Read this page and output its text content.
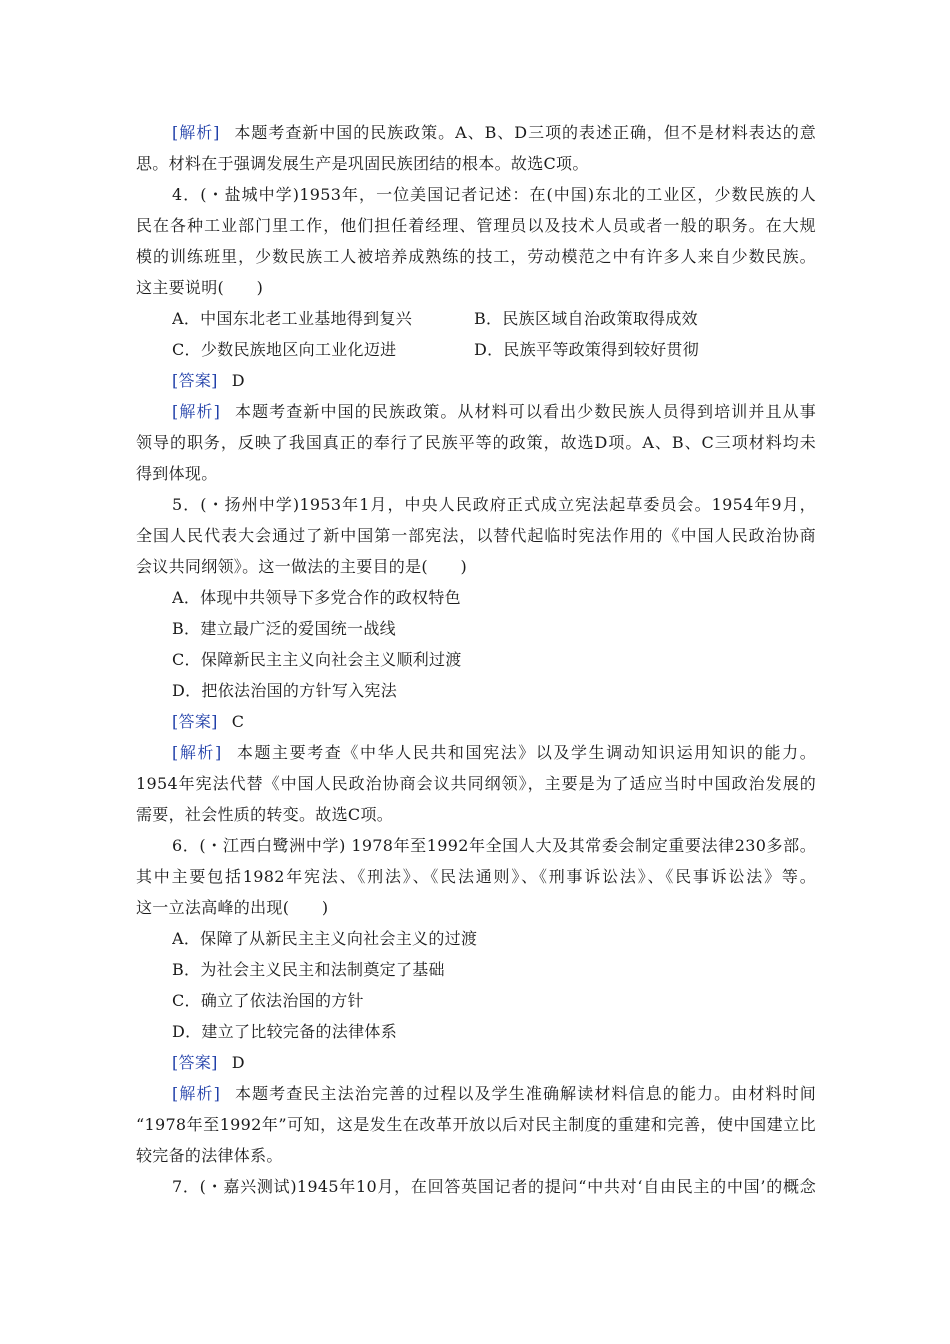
[解析] 本题考查新中国的民族政策。A、B、D三项的表述正确，但不是材料表达的意
思。材料在于强调发展生产是巩固民族团结的根本。故选C项。
4．(・盐城中学)1953年，一位美国记者记述：在(中国)东北的工业区，少数民族的人
民在各种工业部门里工作，他们担任着经理、管理员以及技术人员或者一般的职务。在大规
模的训练班里，少数民族工人被培养成熟练的技工，劳动模范之中有许多人来自少数民族。
这主要说明(　　)
A．中国东北老工业基地得到复兴	B．民族区域自治政策取得成效
C．少数民族地区向工业化迈进	D．民族平等政策得到较好贯彻
[答案] D
[解析] 本题考查新中国的民族政策。从材料可以看出少数民族人员得到培训并且从事
领导的职务，反映了我国真正的奉行了民族平等的政策，故选D项。A、B、C三项材料均未
得到体现。
5．(・扬州中学)1953年1月，中央人民政府正式成立宪法起草委员会。1954年9月，
全国人民代表大会通过了新中国第一部宪法，以替代起临时宪法作用的《中国人民政治协商
会议共同纲领》。这一做法的主要目的是(　　)
A．体现中共领导下多党合作的政权特色
B．建立最广泛的爱国统一战线
C．保障新民主主义向社会主义顺利过渡
D．把依法治国的方针写入宪法
[答案] C
[解析] 本题主要考查《中华人民共和国宪法》以及学生调动知识运用知识的能力。
1954年宪法代替《中国人民政治协商会议共同纲领》，主要是为了适应当时中国政治发展的
需要，社会性质的转变。故选C项。
6．(・江西白鹭洲中学) 1978年至1992年全国人大及其常委会制定重要法律230多部。
其中主要包括1982年宪法、《刑法》、《民法通则》、《刑事诉讼法》、《民事诉讼法》等。
这一立法高峰的出现(　　)
A．保障了从新民主主义向社会主义的过渡
B．为社会主义民主和法制奠定了基础
C．确立了依法治国的方针
D．建立了比较完备的法律体系
[答案] D
[解析] 本题考查民主法治完善的过程以及学生准确解读材料信息的能力。由材料时间
“1978年至1992年”可知，这是发生在改革开放以后对民主制度的重建和完善，使中国建立比
较完备的法律体系。
7．(・嘉兴测试)1945年10月，在回答英国记者的提问“中共对‘自由民主的中国’的概念
